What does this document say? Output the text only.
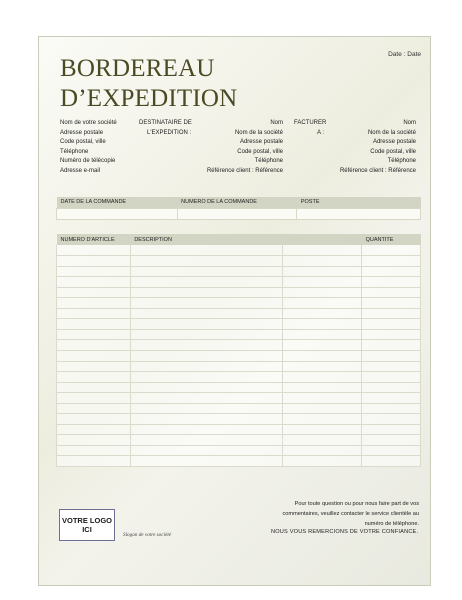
Date : Date
BORDEREAU
D’EXPEDITION
Nom de votre société
Adresse postale
Code postal, ville
Téléphone
Numéro de télécopie
Adresse e-mail
DESTINATAIRE DE
L'EXPEDITION :
Nom
Nom de la société
Adresse postale
Code postal, ville
Téléphone
Référence client : Référence
FACTURER
A :
Nom
Nom de la société
Adresse postale
Code postal, ville
Téléphone
Référence client : Référence
DATE DE LA COMMANDE	NUMERO DE LA COMMANDE	POSTE

NUMERO D'ARTICLE	DESCRIPTION		QUANTITE

Pour toute question ou pour nous faire part de vos commentaires, veuillez contacter le service clientèle au numéro de téléphone.
NOUS VOUS REMERCIONS DE VOTRE CONFIANCE.
VOTRE LOGO
ICI
Slogan de votre société
